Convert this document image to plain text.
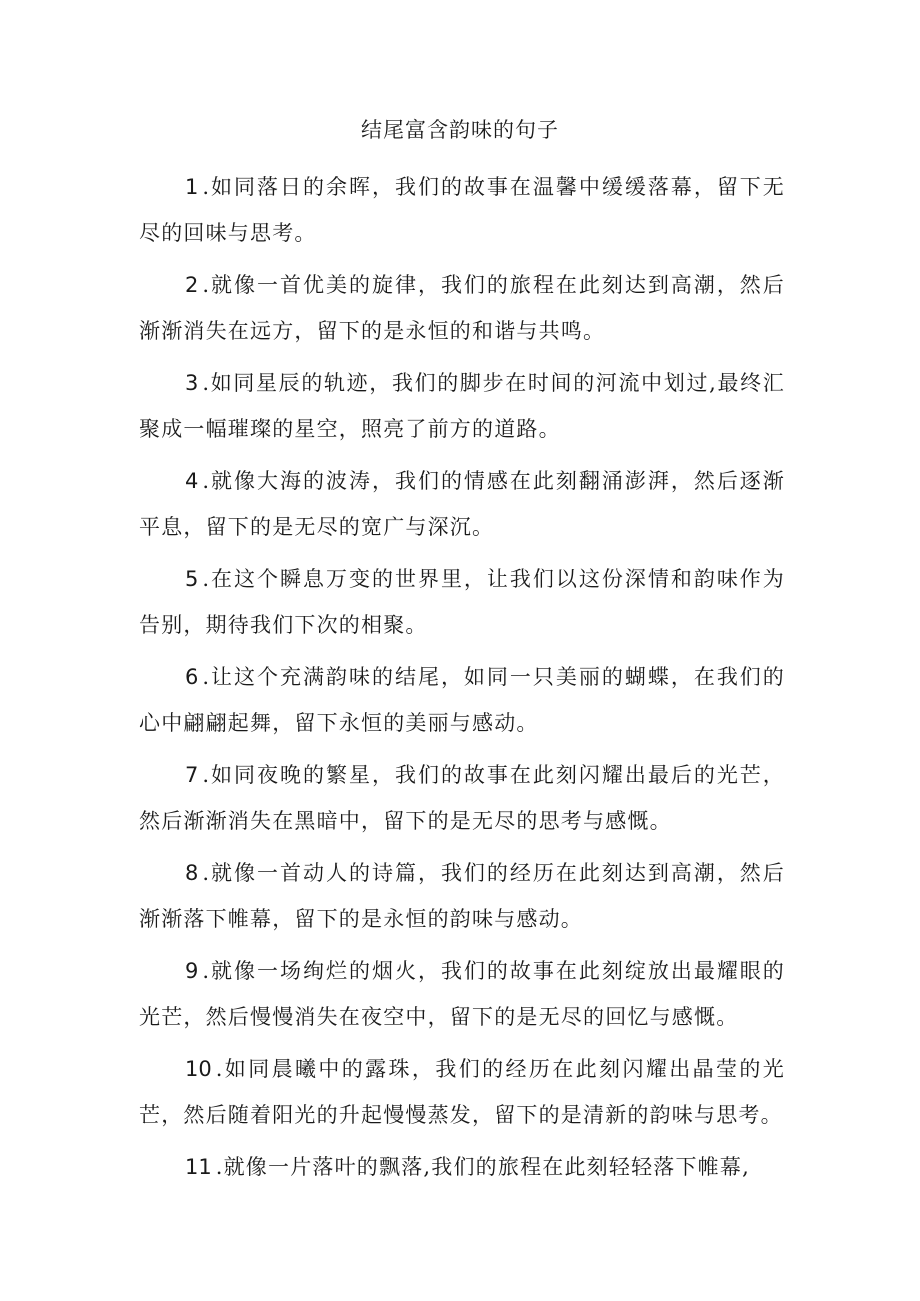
结尾富含韵味的句子
1 .如同落日的余晖，我们的故事在温馨中缓缓落幕，留下无尽的回味与思考。
2 .就像一首优美的旋律，我们的旅程在此刻达到高潮，然后渐渐消失在远方，留下的是永恒的和谐与共鸣。
3 .如同星辰的轨迹，我们的脚步在时间的河流中划过,最终汇聚成一幅璀璨的星空，照亮了前方的道路。
4 .就像大海的波涛，我们的情感在此刻翻涌澎湃，然后逐渐平息，留下的是无尽的宽广与深沉。
5 .在这个瞬息万变的世界里，让我们以这份深情和韵味作为告别，期待我们下次的相聚。
6 .让这个充满韵味的结尾，如同一只美丽的蝴蝶，在我们的心中翩翩起舞，留下永恒的美丽与感动。
7 .如同夜晚的繁星，我们的故事在此刻闪耀出最后的光芒，然后渐渐消失在黑暗中，留下的是无尽的思考与感慨。
8 .就像一首动人的诗篇，我们的经历在此刻达到高潮，然后渐渐落下帷幕，留下的是永恒的韵味与感动。
9 .就像一场绚烂的烟火，我们的故事在此刻绽放出最耀眼的光芒，然后慢慢消失在夜空中，留下的是无尽的回忆与感慨。
10 .如同晨曦中的露珠，我们的经历在此刻闪耀出晶莹的光芒，然后随着阳光的升起慢慢蒸发，留下的是清新的韵味与思考。
11 .就像一片落叶的飘落,我们的旅程在此刻轻轻落下帷幕,
